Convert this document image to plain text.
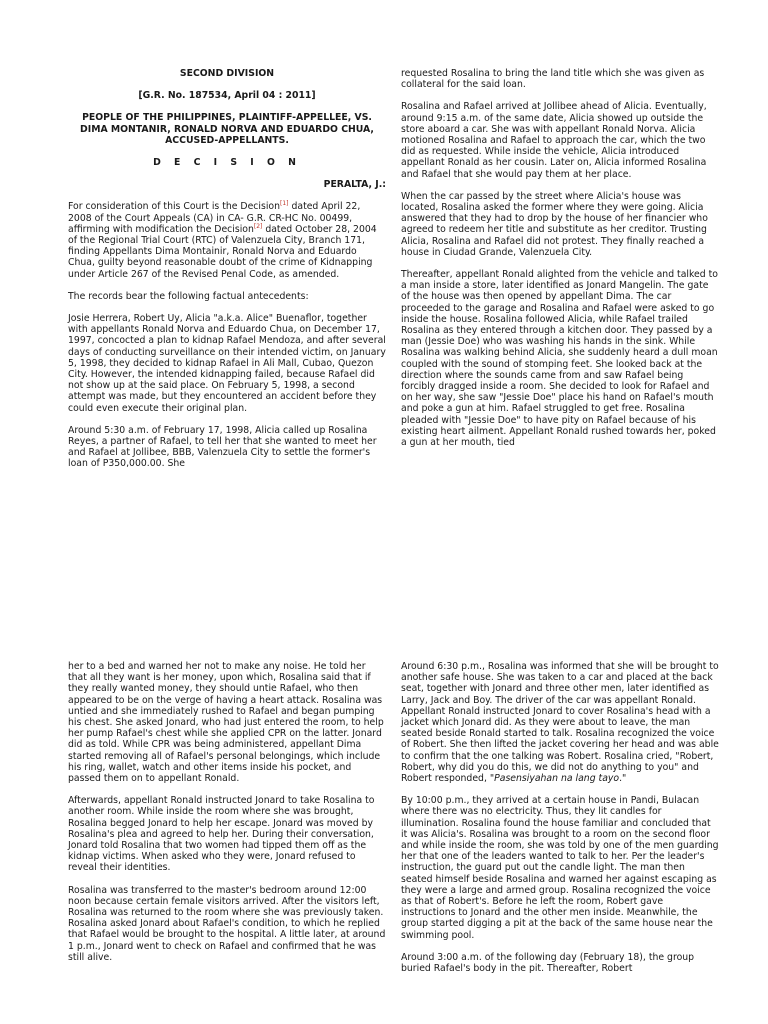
SECOND DIVISION

[G.R. No. 187534, April 04 : 2011]

PEOPLE OF THE PHILIPPINES, PLAINTIFF-APPELLEE, VS. DIMA MONTANIR, RONALD NORVA AND EDUARDO CHUA, ACCUSED-APPELLANTS.

D E C I S I O N

PERALTA, J.:

For consideration of this Court is the Decision[1] dated April 22, 2008 of the Court Appeals (CA) in CA- G.R. CR-HC No. 00499, affirming with modification the Decision[2] dated October 28, 2004 of the Regional Trial Court (RTC) of Valenzuela City, Branch 171, finding Appellants Dima Montainir, Ronald Norva and Eduardo Chua, guilty beyond reasonable doubt of the crime of Kidnapping under Article 267 of the Revised Penal Code, as amended.

The records bear the following factual antecedents:

Josie Herrera, Robert Uy, Alicia "a.k.a. Alice" Buenaflor, together with appellants Ronald Norva and Eduardo Chua, on December 17, 1997, concocted a plan to kidnap Rafael Mendoza, and after several days of conducting surveillance on their intended victim, on January 5, 1998, they decided to kidnap Rafael in Ali Mall, Cubao, Quezon City. However, the intended kidnapping failed, because Rafael did not show up at the said place. On February 5, 1998, a second attempt was made, but they encountered an accident before they could even execute their original plan.

Around 5:30 a.m. of February 17, 1998, Alicia called up Rosalina Reyes, a partner of Rafael, to tell her that she wanted to meet her and Rafael at Jollibee, BBB, Valenzuela City to settle the former's loan of P350,000.00. She

requested Rosalina to bring the land title which she was given as collateral for the said loan.

Rosalina and Rafael arrived at Jollibee ahead of Alicia. Eventually, around 9:15 a.m. of the same date, Alicia showed up outside the store aboard a car. She was with appellant Ronald Norva. Alicia motioned Rosalina and Rafael to approach the car, which the two did as requested. While inside the vehicle, Alicia introduced appellant Ronald as her cousin. Later on, Alicia informed Rosalina and Rafael that she would pay them at her place.

When the car passed by the street where Alicia's house was located, Rosalina asked the former where they were going. Alicia answered that they had to drop by the house of her financier who agreed to redeem her title and substitute as her creditor. Trusting Alicia, Rosalina and Rafael did not protest. They finally reached a house in Ciudad Grande, Valenzuela City.

Thereafter, appellant Ronald alighted from the vehicle and talked to a man inside a store, later identified as Jonard Mangelin. The gate of the house was then opened by appellant Dima. The car proceeded to the garage and Rosalina and Rafael were asked to go inside the house. Rosalina followed Alicia, while Rafael trailed Rosalina as they entered through a kitchen door. They passed by a man (Jessie Doe) who was washing his hands in the sink. While Rosalina was walking behind Alicia, she suddenly heard a dull moan coupled with the sound of stomping feet. She looked back at the direction where the sounds came from and saw Rafael being forcibly dragged inside a room. She decided to look for Rafael and on her way, she saw "Jessie Doe" place his hand on Rafael's mouth and poke a gun at him. Rafael struggled to get free. Rosalina pleaded with "Jessie Doe" to have pity on Rafael because of his existing heart ailment. Appellant Ronald rushed towards her, poked a gun at her mouth, tied

her to a bed and warned her not to make any noise. He told her that all they want is her money, upon which, Rosalina said that if they really wanted money, they should untie Rafael, who then appeared to be on the verge of having a heart attack. Rosalina was untied and she immediately rushed to Rafael and began pumping his chest. She asked Jonard, who had just entered the room, to help her pump Rafael's chest while she applied CPR on the latter. Jonard did as told. While CPR was being administered, appellant Dima started removing all of Rafael's personal belongings, which include his ring, wallet, watch and other items inside his pocket, and passed them on to appellant Ronald.

Afterwards, appellant Ronald instructed Jonard to take Rosalina to another room. While inside the room where she was brought, Rosalina begged Jonard to help her escape. Jonard was moved by Rosalina's plea and agreed to help her. During their conversation, Jonard told Rosalina that two women had tipped them off as the kidnap victims. When asked who they were, Jonard refused to reveal their identities.

Rosalina was transferred to the master's bedroom around 12:00 noon because certain female visitors arrived. After the visitors left, Rosalina was returned to the room where she was previously taken. Rosalina asked Jonard about Rafael's condition, to which he replied that Rafael would be brought to the hospital. A little later, at around 1 p.m., Jonard went to check on Rafael and confirmed that he was still alive.

Around 6:30 p.m., Rosalina was informed that she will be brought to another safe house. She was taken to a car and placed at the back seat, together with Jonard and three other men, later identified as Larry, Jack and Boy. The driver of the car was appellant Ronald. Appellant Ronald instructed Jonard to cover Rosalina's head with a jacket which Jonard did. As they were about to leave, the man seated beside Ronald started to talk. Rosalina recognized the voice of Robert. She then lifted the jacket covering her head and was able to confirm that the one talking was Robert. Rosalina cried, "Robert, Robert, why did you do this, we did not do anything to you" and Robert responded, "Pasensiyahan na lang tayo."

By 10:00 p.m., they arrived at a certain house in Pandi, Bulacan where there was no electricity. Thus, they lit candles for illumination. Rosalina found the house familiar and concluded that it was Alicia's. Rosalina was brought to a room on the second floor and while inside the room, she was told by one of the men guarding her that one of the leaders wanted to talk to her. Per the leader's instruction, the guard put out the candle light. The man then seated himself beside Rosalina and warned her against escaping as they were a large and armed group. Rosalina recognized the voice as that of Robert's. Before he left the room, Robert gave instructions to Jonard and the other men inside. Meanwhile, the group started digging a pit at the back of the same house near the swimming pool.

Around 3:00 a.m. of the following day (February 18), the group buried Rafael's body in the pit. Thereafter, Robert
